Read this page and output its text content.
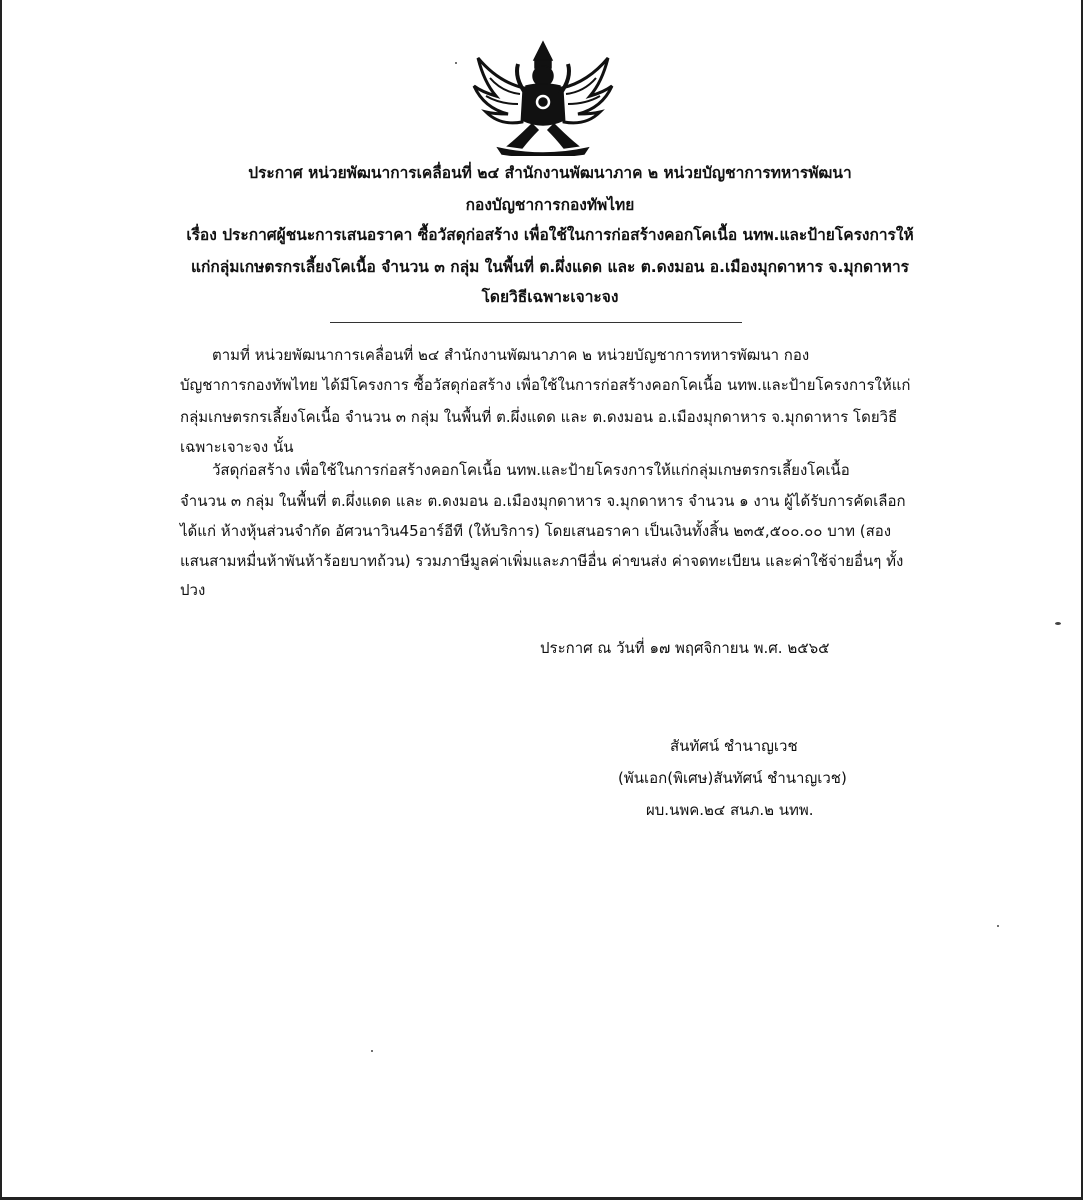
ประกาศ หน่วยพัฒนาการเคลื่อนที่ ๒๔ สำนักงานพัฒนาภาค ๒ หน่วยบัญชาการทหารพัฒนา
กองบัญชาการกองทัพไทย
เรื่อง ประกาศผู้ชนะการเสนอราคา ซื้อวัสดุก่อสร้าง เพื่อใช้ในการก่อสร้างคอกโคเนื้อ นทพ.และป้ายโครงการให้
แก่กลุ่มเกษตรกรเลี้ยงโคเนื้อ จำนวน ๓ กลุ่ม ในพื้นที่ ต.ผึ่งแดด และ ต.ดงมอน อ.เมืองมุกดาหาร จ.มุกดาหาร
โดยวิธีเฉพาะเจาะจง
ตามที่ หน่วยพัฒนาการเคลื่อนที่ ๒๔ สำนักงานพัฒนาภาค ๒ หน่วยบัญชาการทหารพัฒนา กอง
บัญชาการกองทัพไทย ได้มีโครงการ ซื้อวัสดุก่อสร้าง เพื่อใช้ในการก่อสร้างคอกโคเนื้อ นทพ.และป้ายโครงการให้แก่
กลุ่มเกษตรกรเลี้ยงโคเนื้อ จำนวน ๓ กลุ่ม ในพื้นที่ ต.ผึ่งแดด และ ต.ดงมอน อ.เมืองมุกดาหาร จ.มุกดาหาร โดยวิธี
เฉพาะเจาะจง นั้น
วัสดุก่อสร้าง เพื่อใช้ในการก่อสร้างคอกโคเนื้อ นทพ.และป้ายโครงการให้แก่กลุ่มเกษตรกรเลี้ยงโคเนื้อ
จำนวน ๓ กลุ่ม ในพื้นที่ ต.ผึ่งแดด และ ต.ดงมอน อ.เมืองมุกดาหาร จ.มุกดาหาร จำนวน ๑ งาน ผู้ได้รับการคัดเลือก
ได้แก่ ห้างหุ้นส่วนจำกัด อัศวนาวิน45อาร์อีที (ให้บริการ) โดยเสนอราคา เป็นเงินทั้งสิ้น ๒๓๕,๕๐๐.๐๐ บาท (สอง
แสนสามหมื่นห้าพันห้าร้อยบาทถ้วน) รวมภาษีมูลค่าเพิ่มและภาษีอื่น ค่าขนส่ง ค่าจดทะเบียน และค่าใช้จ่ายอื่นๆ ทั้ง
ปวง
ประกาศ ณ วันที่ ๑๗ พฤศจิกายน พ.ศ. ๒๕๖๕
สันทัศน์ ชำนาญเวช
(พันเอก(พิเศษ)สันทัศน์ ชำนาญเวช)
ผบ.นพค.๒๔ สนภ.๒ นทพ.
